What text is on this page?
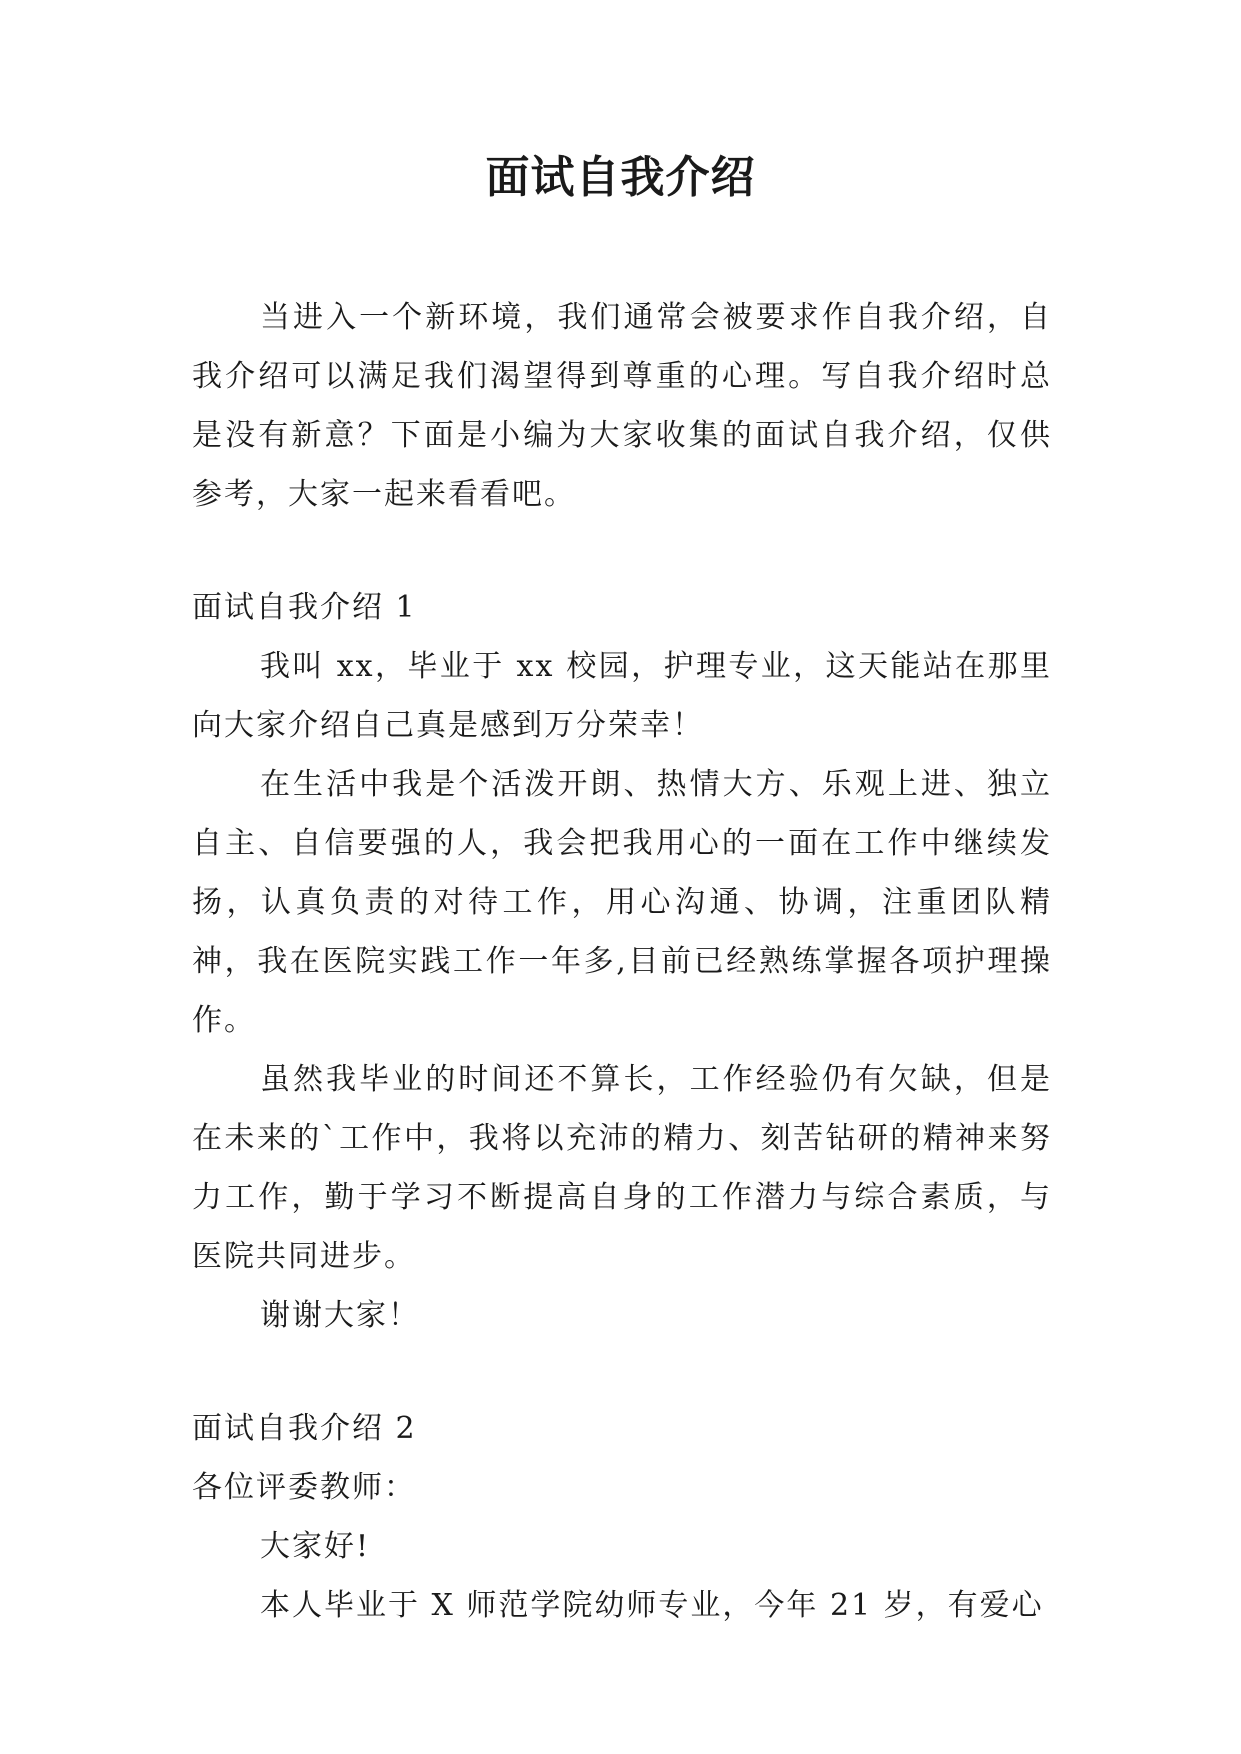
面试自我介绍

当进入一个新环境，我们通常会被要求作自我介绍，自我介绍可以满足我们渴望得到尊重的心理。写自我介绍时总是没有新意？下面是小编为大家收集的面试自我介绍，仅供参考，大家一起来看看吧。

面试自我介绍 1

我叫 xx，毕业于 xx 校园，护理专业，这天能站在那里向大家介绍自己真是感到万分荣幸！

在生活中我是个活泼开朗、热情大方、乐观上进、独立自主、自信要强的人，我会把我用心的一面在工作中继续发扬，认真负责的对待工作，用心沟通、协调，注重团队精神，我在医院实践工作一年多,目前已经熟练掌握各项护理操作。

虽然我毕业的时间还不算长，工作经验仍有欠缺，但是在未来的`工作中，我将以充沛的精力、刻苦钻研的精神来努力工作，勤于学习不断提高自身的工作潜力与综合素质，与医院共同进步。

谢谢大家！

面试自我介绍 2

各位评委教师：

大家好!

本人毕业于 X 师范学院幼师专业，今年 21 岁，有爱心
